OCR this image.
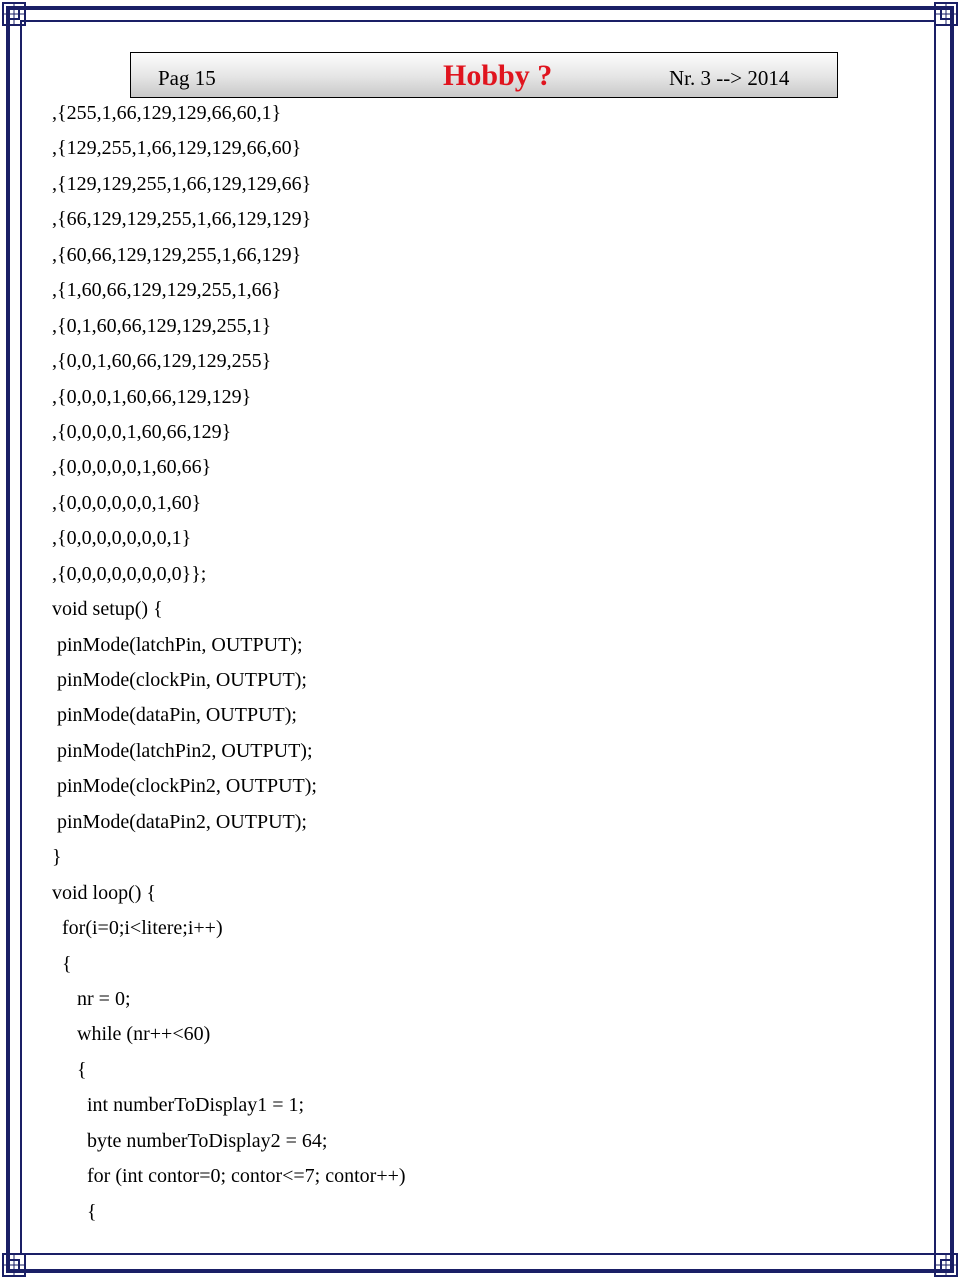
Pag 15	Hobby ?	Nr. 3 --> 2014
,{255,1,66,129,129,66,60,1}
,{129,255,1,66,129,129,66,60}
,{129,129,255,1,66,129,129,66}
,{66,129,129,255,1,66,129,129}
,{60,66,129,129,255,1,66,129}
,{1,60,66,129,129,255,1,66}
,{0,1,60,66,129,129,255,1}
,{0,0,1,60,66,129,129,255}
,{0,0,0,1,60,66,129,129}
,{0,0,0,0,1,60,66,129}
,{0,0,0,0,0,1,60,66}
,{0,0,0,0,0,0,1,60}
,{0,0,0,0,0,0,0,1}
,{0,0,0,0,0,0,0,0}};
void setup() {
pinMode(latchPin, OUTPUT);
pinMode(clockPin, OUTPUT);
pinMode(dataPin, OUTPUT);
pinMode(latchPin2, OUTPUT);
pinMode(clockPin2, OUTPUT);
pinMode(dataPin2, OUTPUT);
}
void loop() {
for(i=0;i<litere;i++)
{
nr = 0;
while (nr++<60)
{
int numberToDisplay1 = 1;
byte numberToDisplay2 = 64;
for (int contor=0; contor<=7; contor++)
{
